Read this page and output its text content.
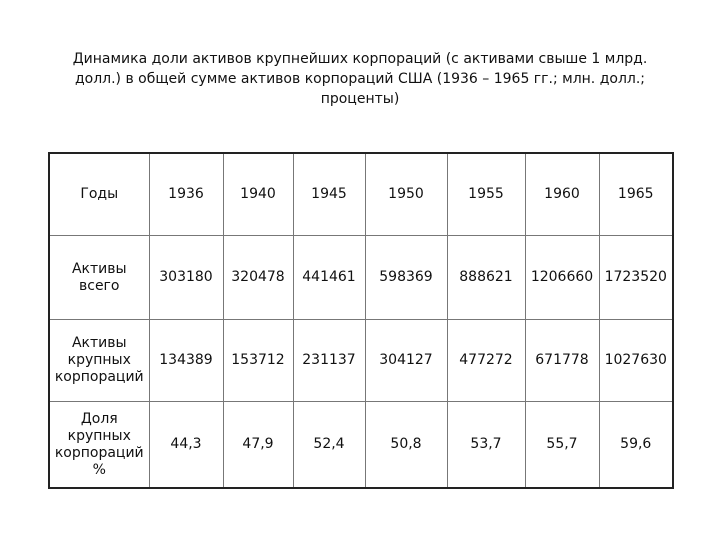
Динамика доли активов крупнейших корпораций (с активами свыше 1 млрд.
долл.) в общей сумме активов корпораций США (1936 – 1965 гг.; млн. долл.;
проценты)
Годы	1936	1940	1945	1950	1955	1960	1965

Активы
всего	303180	320478	441461	598369	888621	1206660	1723520

Активы
крупных
корпораций	134389	153712	231137	304127	477272	671778	1027630

Доля
крупных
корпораций
%	44,3	47,9	52,4	50,8	53,7	55,7	59,6
